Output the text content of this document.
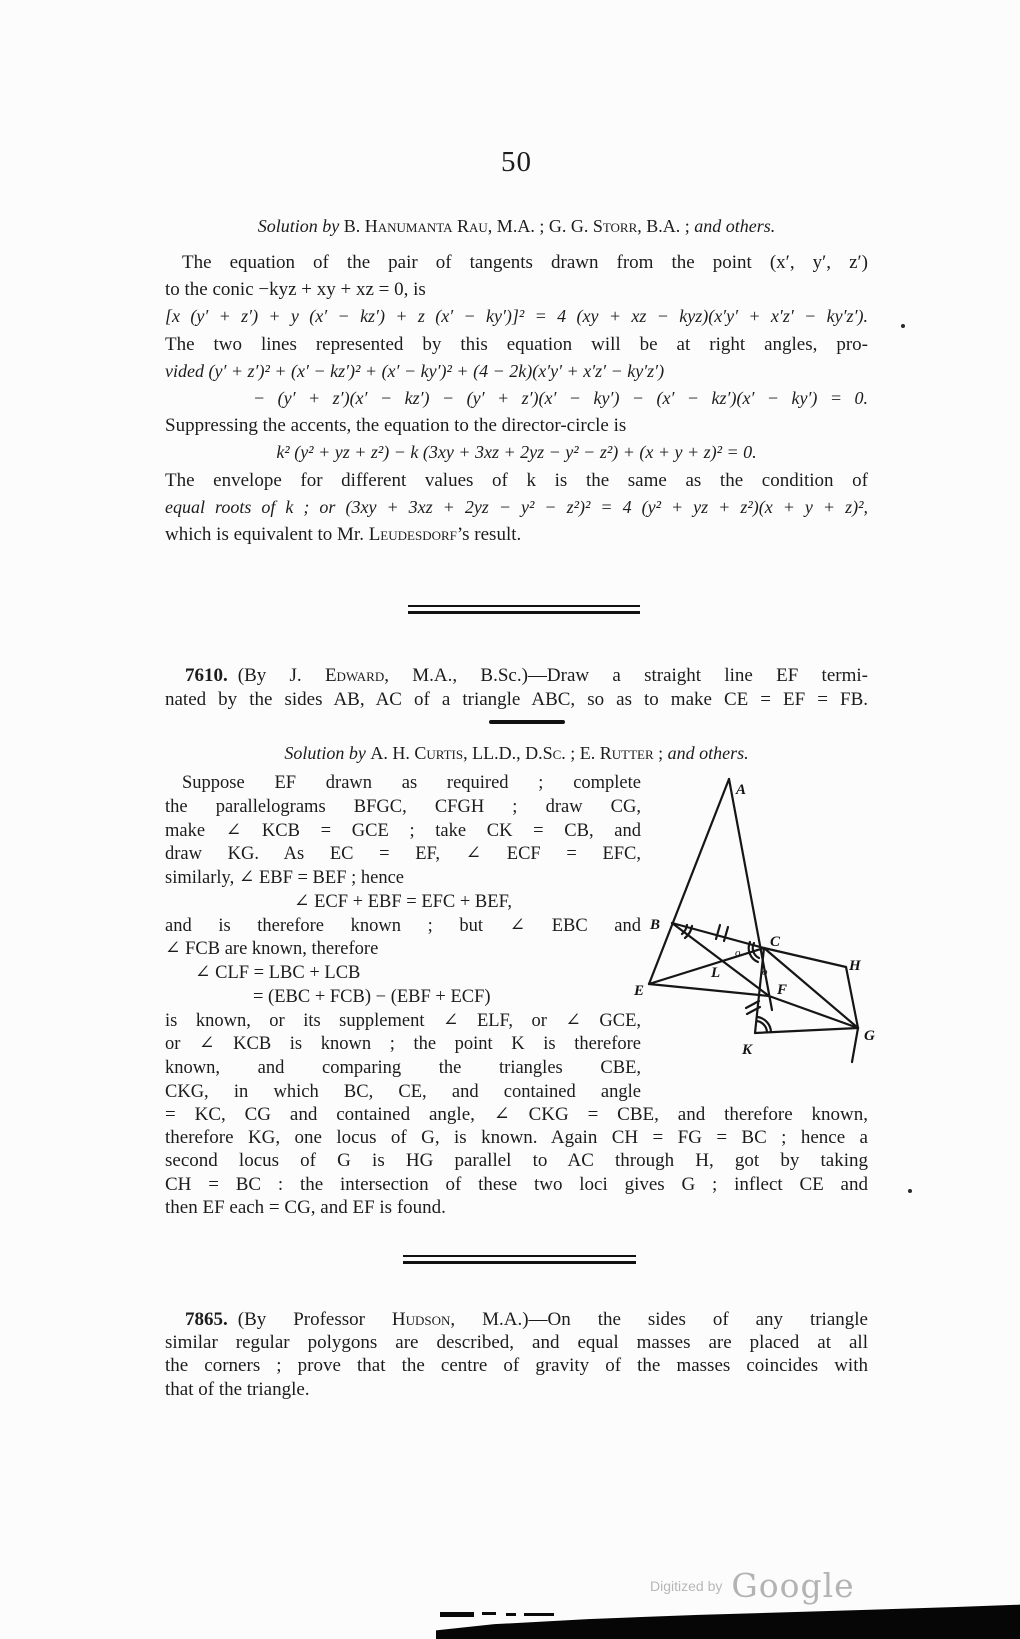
50
Solution by B. Hanumanta Rau, M.A. ; G. G. Storr, B.A. ; and others.
The equation of the pair of tangents drawn from the point (x′, y′, z′)
to the conic −kyz + xy + xz = 0, is
[x (y′ + z′) + y (x′ − kz′) + z (x′ − ky′)]² = 4 (xy + xz − kyz)(x′y′ + x′z′ − ky′z′).
The two lines represented by this equation will be at right angles, pro-
vided (y′ + z′)² + (x′ − kz′)² + (x′ − ky′)² + (4 − 2k)(x′y′ + x′z′ − ky′z′)
− (y′ + z′)(x′ − kz′) − (y′ + z′)(x′ − ky′) − (x′ − kz′)(x′ − ky′) = 0.
Suppressing the accents, the equation to the director-circle is
k² (y² + yz + z²) − k (3xy + 3xz + 2yz − y² − z²) + (x + y + z)² = 0.
The envelope for different values of k is the same as the condition of
equal roots of k ; or (3xy + 3xz + 2yz − y² − z²)² = 4 (y² + yz + z²)(x + y + z)²,
which is equivalent to Mr. Leudesdorf’s result.
7610. (By J. Edward, M.A., B.Sc.)—Draw a straight line EF termi-
nated by the sides AB, AC of a triangle ABC, so as to make CE = EF = FB.
Solution by A. H. Curtis, LL.D., D.Sc. ; E. Rutter ; and others.
Suppose EF drawn as required ; complete
the parallelograms BFGC, CFGH ; draw CG,
make ∠ KCB = GCE ; take CK = CB, and
draw KG. As EC = EF, ∠ ECF = EFC,
similarly, ∠ EBF = BEF ; hence
∠ ECF + EBF = EFC + BEF,
and is therefore known ; but ∠ EBC and
∠ FCB are known, therefore
∠ CLF = LBC + LCB
= (EBC + FCB) − (EBF + ECF)
is known, or its supplement ∠ ELF, or ∠ GCE,
or ∠ KCB is known ; the point K is therefore
known, and comparing the triangles CBE,
CKG, in which BC, CE, and contained angle
A
B
E
C
F
H
G
K
L
o
o
= KC, CG and contained angle, ∠ CKG = CBE, and therefore known,
therefore KG, one locus of G, is known. Again CH = FG = BC ; hence a
second locus of G is HG parallel to AC through H, got by taking
CH = BC : the intersection of these two loci gives G ; inflect CE and
then EF each = CG, and EF is found.
7865. (By Professor Hudson, M.A.)—On the sides of any triangle
similar regular polygons are described, and equal masses are placed at all
the corners ; prove that the centre of gravity of the masses coincides with
that of the triangle.
Digitized by Google
